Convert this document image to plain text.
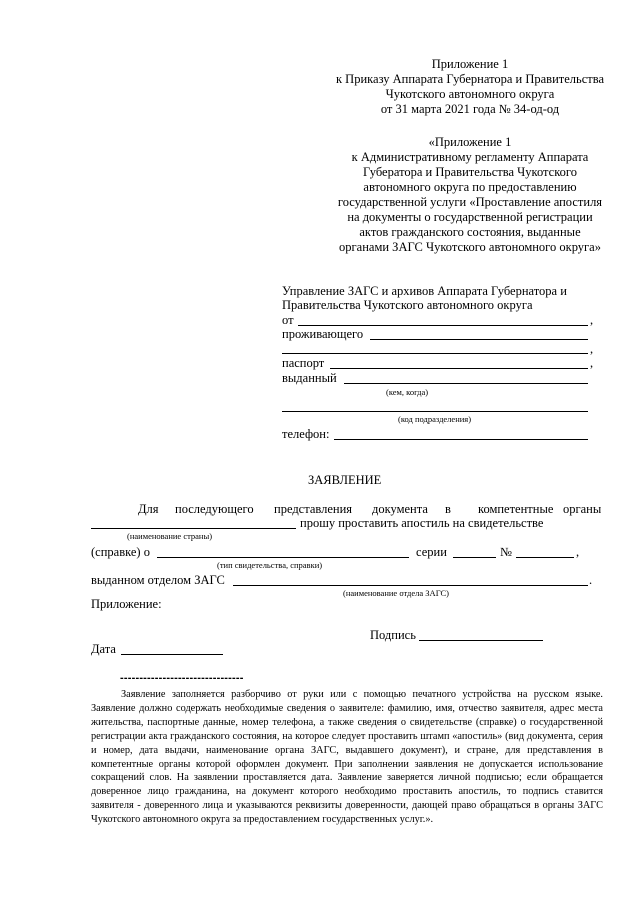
Приложение 1
к Приказу Аппарата Губернатора и Правительства
Чукотского автономного округа
от 31 марта 2021 года № 34-од-од
«Приложение 1
к Административному регламенту Аппарата
Губератора и Правительства Чукотского
автономного округа по предоставлению
государственной услуги «Проставление апостиля
на документы о государственной регистрации
актов гражданского состояния, выданные
органами ЗАГС Чукотского автономного округа»
Управление ЗАГС и архивов Аппарата Губернатора и
Правительства Чукотского автономного округа
от	,
проживающего
,
паспорт	,
выданный
(кем, когда)
(код подразделения)
телефон:
ЗАЯВЛЕНИЕ
Для последующего представления документа в компетентные органы
прошу проставить апостиль на свидетельстве
(наименование страны)
(справке) о	серии	№	,
(тип свидетельства, справки)
выданном отделом ЗАГС	.
(наименование отдела ЗАГС)
Приложение:
Подпись
Дата
--------------------------------
Заявление заполняется разборчиво от руки или с помощью печатного устройства на русском языке. Заявление должно содержать необходимые сведения о заявителе: фамилию, имя, отчество заявителя, адрес места жительства, паспортные данные, номер телефона, а также сведения о свидетельстве (справке) о государственной регистрации акта гражданского состояния, на которое следует проставить штамп «апостиль» (вид документа, серия и номер, дата выдачи, наименование органа ЗАГС, выдавшего документ), и стране, для представления в компетентные органы которой оформлен документ. При заполнении заявления не допускается использование сокращений слов. На заявлении проставляется дата. Заявление заверяется личной подписью; если обращается доверенное лицо гражданина, на документ которого необходимо проставить апостиль, то подпись ставится заявителя - доверенного лица и указываются реквизиты доверенности, дающей право обращаться в органы ЗАГС Чукотского автономного округа за предоставлением государственных услуг.».
